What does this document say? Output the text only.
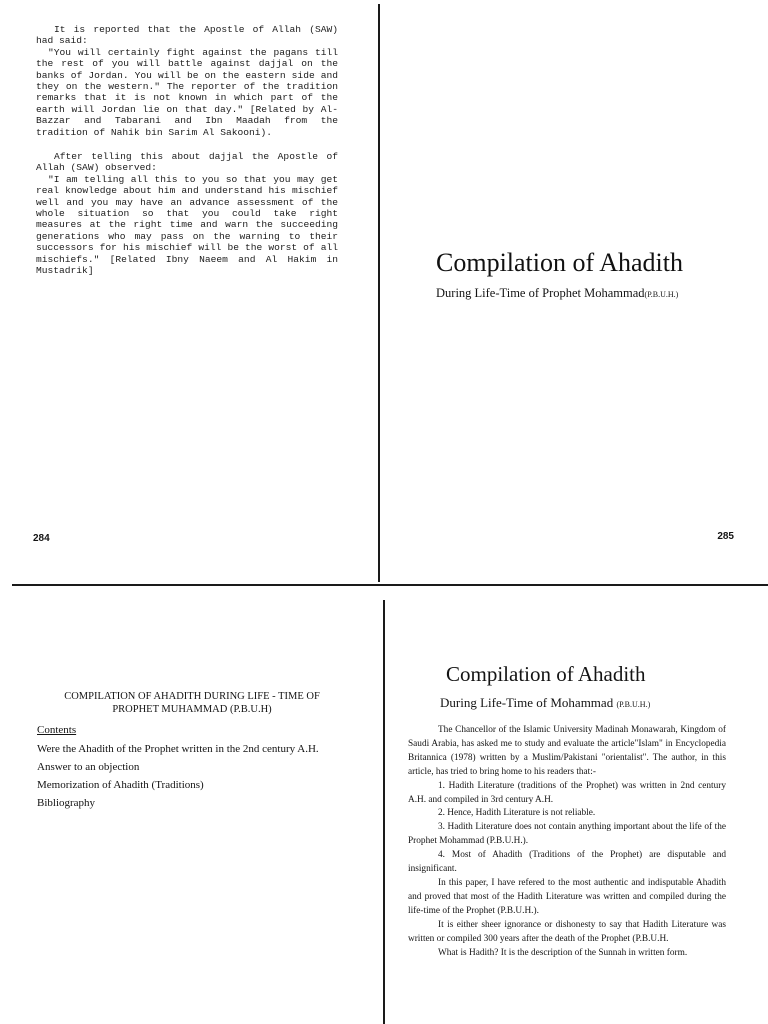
It is reported that the Apostle of Allah (SAW) had said:

"You will certainly fight against the pagans till the rest of you will battle against dajjal on the banks of Jordan. You will be on the eastern side and they on the western." The reporter of the tradition remarks that it is not known in which part of the earth will Jordan lie on that day." [Related by Al-Bazzar and Tabarani and Ibn Maadah from the tradition of Nahik bin Sarim Al Sakooni).

After telling this about dajjal the Apostle of Allah (SAW) observed:

"I am telling all this to you so that you may get real knowledge about him and understand his mischief well and you may have an advance assessment of the whole situation so that you could take right measures at the right time and warn the succeeding generations who may pass on the warning to their successors for his mischief will be the worst of all mischiefs." [Related Ibny Naeem and Al Hakim in Mustadrik]

284
Compilation of Ahadith
During Life-Time of Prophet Mohammad(P.B.U.H.)
285
COMPILATION OF AHADITH DURING LIFE - TIME OF
PROPHET MUHAMMAD (P.B.U.H)
Contents
Were the Ahadith of the Prophet written in the 2nd century A.H.
Answer to an objection
Memorization of Ahadith (Traditions)
Bibliography
Compilation of Ahadith
During Life-Time of Mohammad (P.B.U.H.)

The Chancellor of the Islamic University Madinah Monawarah, Kingdom of Saudi Arabia, has asked me to study and evaluate the article"Islam" in Encyclopedia Britannica (1978) written by a Muslim/Pakistani "orientalist". The author, in this article, has tried to bring home to his readers that:-

1. Hadith Literature (traditions of the Prophet) was written in 2nd century A.H. and compiled in 3rd century A.H.

2. Hence, Hadith Literature is not reliable.

3. Hadith Literature does not contain anything important about the life of the Prophet Mohammad (P.B.U.H.).

4. Most of Ahadith (Traditions of the Prophet) are disputable and insignificant.

In this paper, I have refered to the most authentic and indisputable Ahadith and proved that most of the Hadith Literature was written and compiled during the life-time of the Prophet (P.B.U.H.).

It is either sheer ignorance or dishonesty to say that Hadith Literature was written or compiled 300 years after the death of the Prophet (P.B.U.H.

What is Hadith? It is the description of the Sunnah in written form.
